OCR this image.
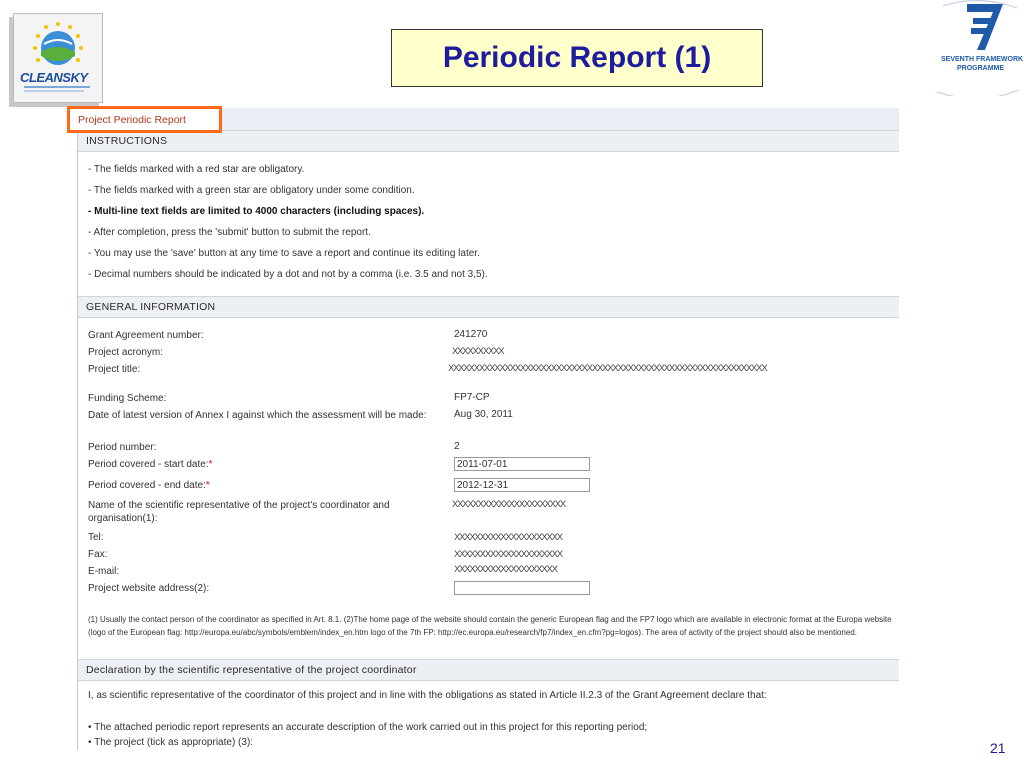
CLEANSKY
Periodic Report (1)	SEVENTH FRAMEWORK
PROGRAMME
INSTRUCTIONS
- The fields marked with a red star are obligatory.
- The fields marked with a green star are obligatory under some condition.
- Multi-line text fields are limited to 4000 characters (including spaces).
- After completion, press the 'submit' button to submit the report.
- You may use the 'save' button at any time to save a report and continue its editing later.
- Decimal numbers should be indicated by a dot and not by a comma (i.e. 3.5 and not 3,5).
GENERAL INFORMATION
Grant Agreement number:	241270
Project acronym:	XXXXXXXXXX
Project title:	XXXXXXXXXXXXXXXXXXXXXXXXXXXXXXXXXXXXXXXXXXXXXXXXXXXXXXXXXXXXXX
Funding Scheme:	FP7-CP
Date of latest version of Annex I against which the assessment will be made:	Aug 30, 2011
Period number:	2
Period covered - start date:*	2011-07-01
Period covered - end date:*	2012-12-31
Name of the scientific representative of the project's coordinator and organisation(1):
XXXXXXXXXXXXXXXXXXXXXX
Tel:	XXXXXXXXXXXXXXXXXXXXX
Fax:	XXXXXXXXXXXXXXXXXXXXX
E-mail:	XXXXXXXXXXXXXXXXXXXX
Project website address(2):
(1) Usually the contact person of the coordinator as specified in Art. 8.1. (2)The home page of the website should contain the generic European flag and the FP7 logo which are available in electronic format at the Europa website (logo of the European flag: http://europa.eu/abc/symbols/emblem/index_en.htm logo of the 7th FP: http://ec.europa.eu/research/fp7/index_en.cfm?pg=logos). The area of activity of the project should also be mentioned.
Declaration by the scientific representative of the project coordinator
I, as scientific representative of the coordinator of this project and in line with the obligations as stated in Article II.2.3 of the Grant Agreement declare that:
• The attached periodic report represents an accurate description of the work carried out in this project for this reporting period;
• The project (tick as appropriate) (3):
Project Periodic Report
21
